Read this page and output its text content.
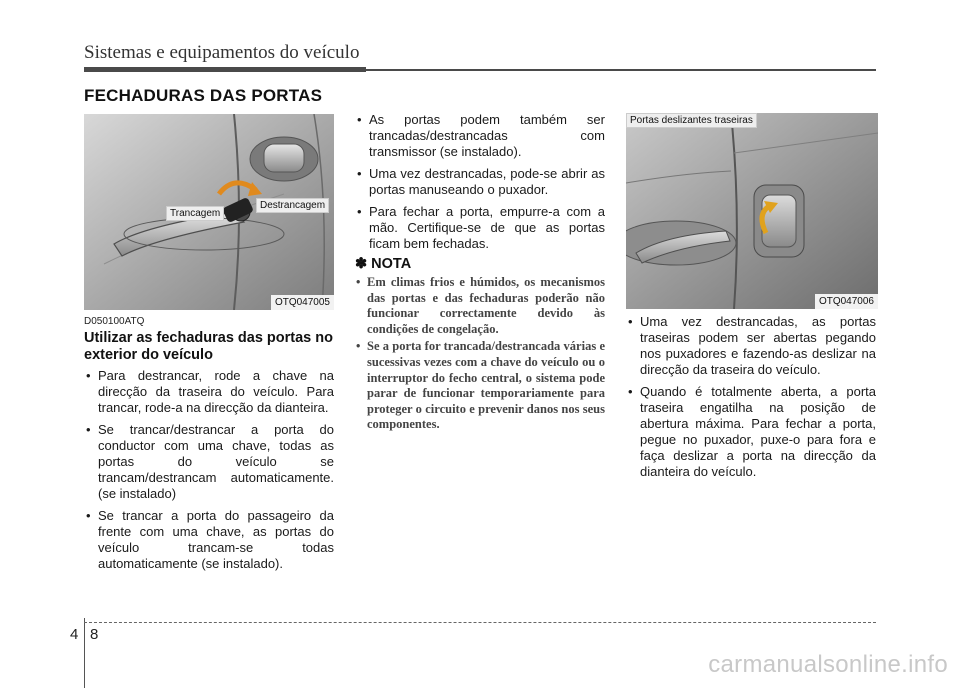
Sistemas e equipamentos do veículo
FECHADURAS DAS PORTAS
Trancagem
Destrancagem
OTQ047005
Portas deslizantes traseiras
OTQ047006
D050100ATQ
Utilizar as fechaduras das portas no exterior do veículo
• Para destrancar, rode a chave na direcção da traseira do veículo. Para trancar, rode-a na direcção da dianteira.
• Se trancar/destrancar a porta do conductor com uma chave, todas as portas do veículo se trancam/destrancam automaticamente. (se instalado)
• Se trancar a porta do passageiro da frente com uma chave, as portas do veículo trancam-se todas automaticamente (se instalado).
• As portas podem também ser trancadas/destrancadas com transmissor (se instalado).
• Uma vez destrancadas, pode-se abrir as portas manuseando o puxador.
• Para fechar a porta, empurre-a com a mão. Certifique-se de que as portas ficam bem fechadas.
✽ NOTA
• Em climas frios e húmidos, os mecanismos das portas e das fechaduras poderão não funcionar correctamente devido às condições de congelação.
• Se a porta for trancada/destrancada várias e sucessivas vezes com a chave do veículo ou o interruptor do fecho central, o sistema pode parar de funcionar temporariamente para proteger o circuito e prevenir danos nos seus componentes.
• Uma vez destrancadas, as portas traseiras podem ser abertas pegando nos puxadores e fazendo-as deslizar na direcção da traseira do veículo.
• Quando é totalmente aberta, a porta traseira engatilha na posição de abertura máxima. Para fechar a porta, pegue no puxador, puxe-o para fora e faça deslizar a porta na direcção da dianteira do veículo.
4 8
carmanualsonline.info
